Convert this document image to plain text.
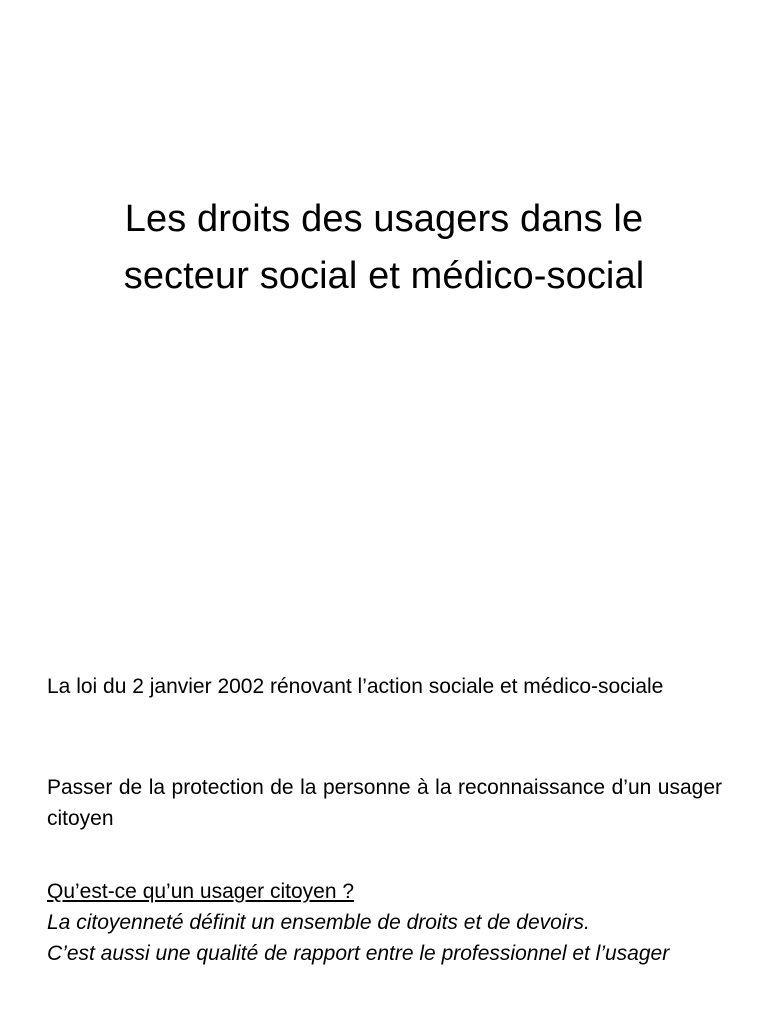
Les droits des usagers dans le
secteur social et médico-social

La loi du 2 janvier 2002 rénovant l’action sociale et médico-sociale

Passer de la protection de la personne à la reconnaissance d’un usager citoyen

Qu’est-ce qu’un usager citoyen ?
La citoyenneté définit un ensemble de droits et de devoirs.
C’est aussi une qualité de rapport entre le professionnel et l’usager
